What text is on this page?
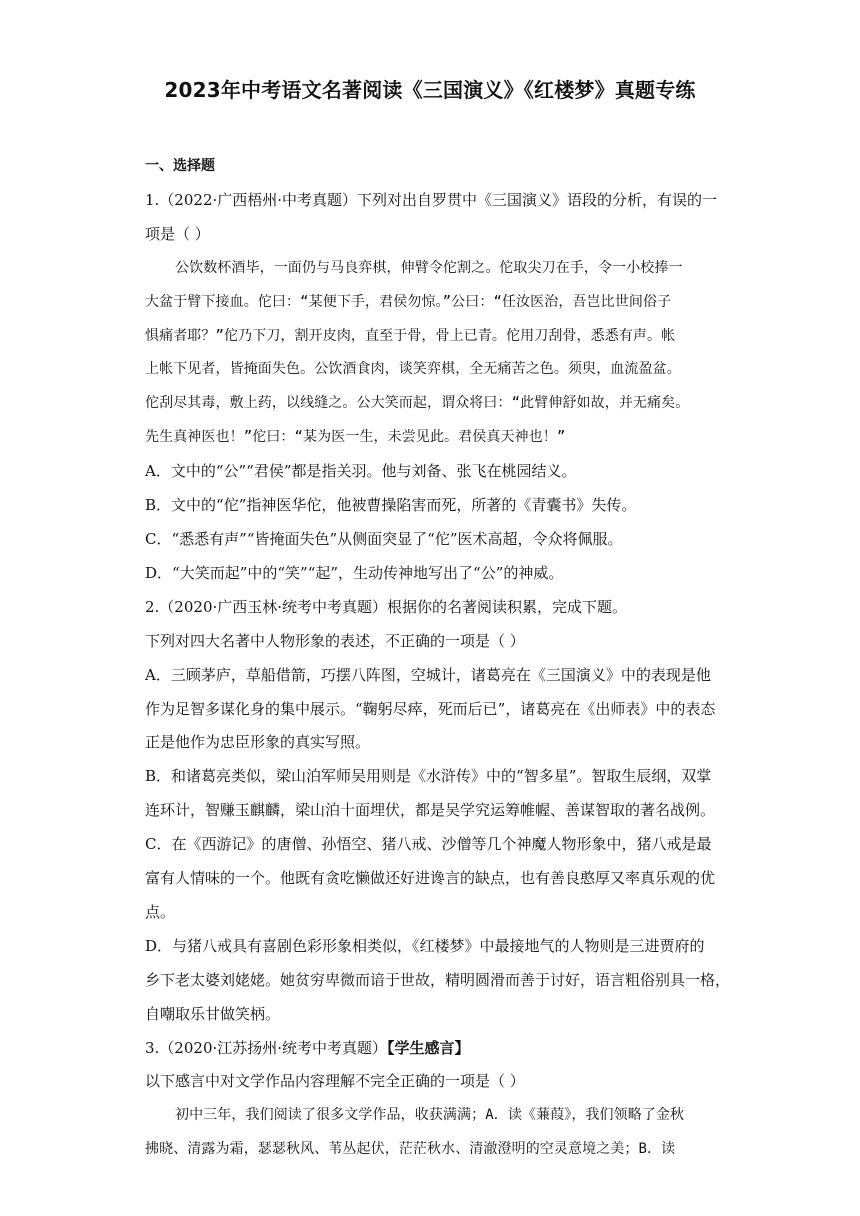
2023年中考语文名著阅读《三国演义》《红楼梦》真题专练
一、选择题
1.（2022·广西梧州·中考真题）下列对出自罗贯中《三国演义》语段的分析，有误的一
项是（ ）
公饮数杯酒毕，一面仍与马良弈棋，伸臂令佗割之。佗取尖刀在手，令一小校捧一
大盆于臂下接血。佗曰：“某便下手，君侯勿惊。”公曰：“任汝医治，吾岂比世间俗子
惧痛者耶？”佗乃下刀，割开皮肉，直至于骨，骨上已青。佗用刀刮骨，悉悉有声。帐
上帐下见者，皆掩面失色。公饮酒食肉，谈笑弈棋，全无痛苦之色。须臾，血流盈盆。
佗刮尽其毒，敷上药，以线缝之。公大笑而起，谓众将曰：“此臂伸舒如故，并无痛矣。
先生真神医也！”佗曰：“某为医一生，未尝见此。君侯真天神也！”
A．文中的“公”“君侯”都是指关羽。他与刘备、张飞在桃园结义。
B．文中的“佗”指神医华佗，他被曹操陷害而死，所著的《青囊书》失传。
C．“悉悉有声”“皆掩面失色”从侧面突显了“佗”医术高超，令众将佩服。
D．“大笑而起”中的“笑”“起”，生动传神地写出了“公”的神威。
2.（2020·广西玉林·统考中考真题）根据你的名著阅读积累，完成下题。
下列对四大名著中人物形象的表述，不正确的一项是（ ）
A．三顾茅庐，草船借箭，巧摆八阵图，空城计，诸葛亮在《三国演义》中的表现是他
作为足智多谋化身的集中展示。“鞠躬尽瘁，死而后已”，诸葛亮在《出师表》中的表态
正是他作为忠臣形象的真实写照。
B．和诸葛亮类似，梁山泊军师吴用则是《水浒传》中的“智多星”。智取生辰纲，双掌
连环计，智赚玉麒麟，梁山泊十面埋伏，都是吴学究运筹帷幄、善谋智取的著名战例。
C．在《西游记》的唐僧、孙悟空、猪八戒、沙僧等几个神魔人物形象中，猪八戒是最
富有人情味的一个。他既有贪吃懒做还好进谗言的缺点，也有善良憨厚又率真乐观的优
点。
D．与猪八戒具有喜剧色彩形象相类似，《红楼梦》中最接地气的人物则是三进贾府的
乡下老太婆刘姥姥。她贫穷卑微而谙于世故，精明圆滑而善于讨好，语言粗俗别具一格，
自嘲取乐甘做笑柄。
3.（2020·江苏扬州·统考中考真题）【学生感言】
以下感言中对文学作品内容理解不完全正确的一项是（ ）
初中三年，我们阅读了很多文学作品，收获满满；A．读《蒹葭》，我们领略了金秋
拂晓、清露为霜，瑟瑟秋风、苇丛起伏，茫茫秋水、清澈澄明的空灵意境之美；B．读
